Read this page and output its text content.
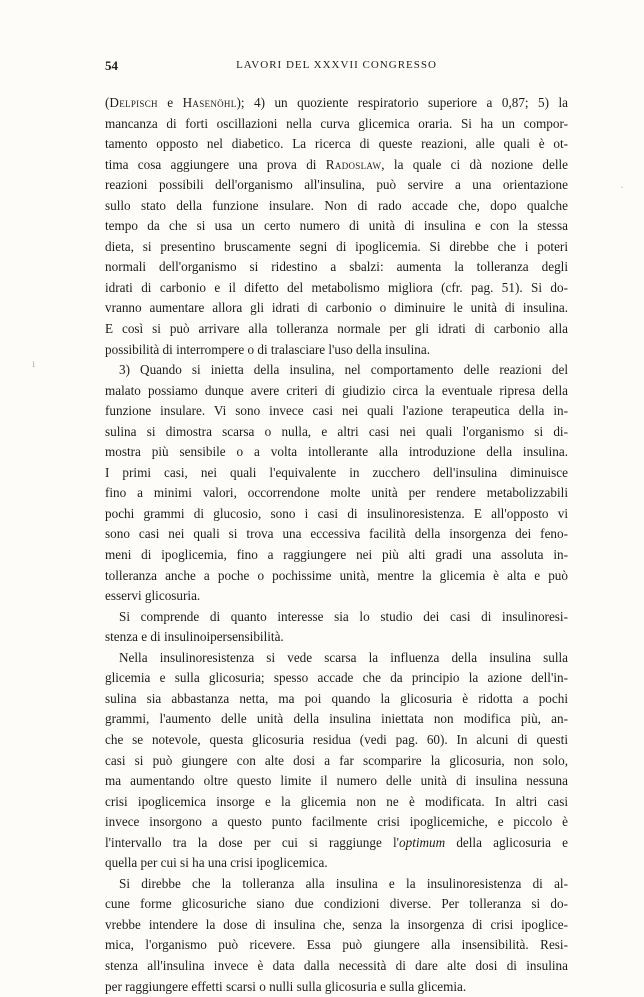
54	LAVORI DEL XXXVII CONGRESSO
(Delpisch e Hasenöhl); 4) un quoziente respiratorio superiore a 0,87; 5) la
mancanza di forti oscillazioni nella curva glicemica oraria. Si ha un compor-
tamento opposto nel diabetico. La ricerca di queste reazioni, alle quali è ot-
tima cosa aggiungere una prova di Radoslaw, la quale ci dà nozione delle
reazioni possibili dell'organismo all'insulina, può servire a una orientazione
sullo stato della funzione insulare. Non di rado accade che, dopo qualche
tempo da che si usa un certo numero di unità di insulina e con la stessa
dieta, si presentino bruscamente segni di ipoglicemia. Si direbbe che i poteri
normali dell'organismo si ridestino a sbalzi: aumenta la tolleranza degli
idrati di carbonio e il difetto del metabolismo migliora (cfr. pag. 51). Si do-
vranno aumentare allora gli idrati di carbonio o diminuire le unità di insulina.
E così si può arrivare alla tolleranza normale per gli idrati di carbonio alla
possibilità di interrompere o di tralasciare l'uso della insulina.
3) Quando si inietta della insulina, nel comportamento delle reazioni del
malato possiamo dunque avere criteri di giudizio circa la eventuale ripresa della
funzione insulare. Vi sono invece casi nei quali l'azione terapeutica della in-
sulina si dimostra scarsa o nulla, e altri casi nei quali l'organismo si di-
mostra più sensibile o a volta intollerante alla introduzione della insulina.
I primi casi, nei quali l'equivalente in zucchero dell'insulina diminuisce
fino a minimi valori, occorrendone molte unità per rendere metabolizzabili
pochi grammi di glucosio, sono i casi di insulinoresistenza. E all'opposto vi
sono casi nei quali si trova una eccessiva facilità della insorgenza dei feno-
meni di ipoglicemia, fino a raggiungere nei più alti gradi una assoluta in-
tolleranza anche a poche o pochissime unità, mentre la glicemia è alta e può
esservi glicosuria.
Si comprende di quanto interesse sia lo studio dei casi di insulinoresi-
stenza e di insulinoipersensibilità.
Nella insulinoresistenza si vede scarsa la influenza della insulina sulla
glicemia e sulla glicosuria; spesso accade che da principio la azione dell'in-
sulina sia abbastanza netta, ma poi quando la glicosuria è ridotta a pochi
grammi, l'aumento delle unità della insulina iniettata non modifica più, an-
che se notevole, questa glicosuria residua (vedi pag. 60). In alcuni di questi
casi si può giungere con alte dosi a far scomparire la glicosuria, non solo,
ma aumentando oltre questo limite il numero delle unità di insulina nessuna
crisi ipoglicemica insorge e la glicemia non ne è modificata. In altri casi
invece insorgono a questo punto facilmente crisi ipoglicemiche, e piccolo è
l'intervallo tra la dose per cui si raggiunge l'optimum della aglicosuria e
quella per cui si ha una crisi ipoglicemica.
Si direbbe che la tolleranza alla insulina e la insulinoresistenza di al-
cune forme glicosuriche siano due condizioni diverse. Per tolleranza si do-
vrebbe intendere la dose di insulina che, senza la insorgenza di crisi ipoglice-
mica, l'organismo può ricevere. Essa può giungere alla insensibilità. Resi-
stenza all'insulina invece è data dalla necessità di dare alte dosi di insulina
per raggiungere effetti scarsi o nulli sulla glicosuria e sulla glicemia.
·
ı
